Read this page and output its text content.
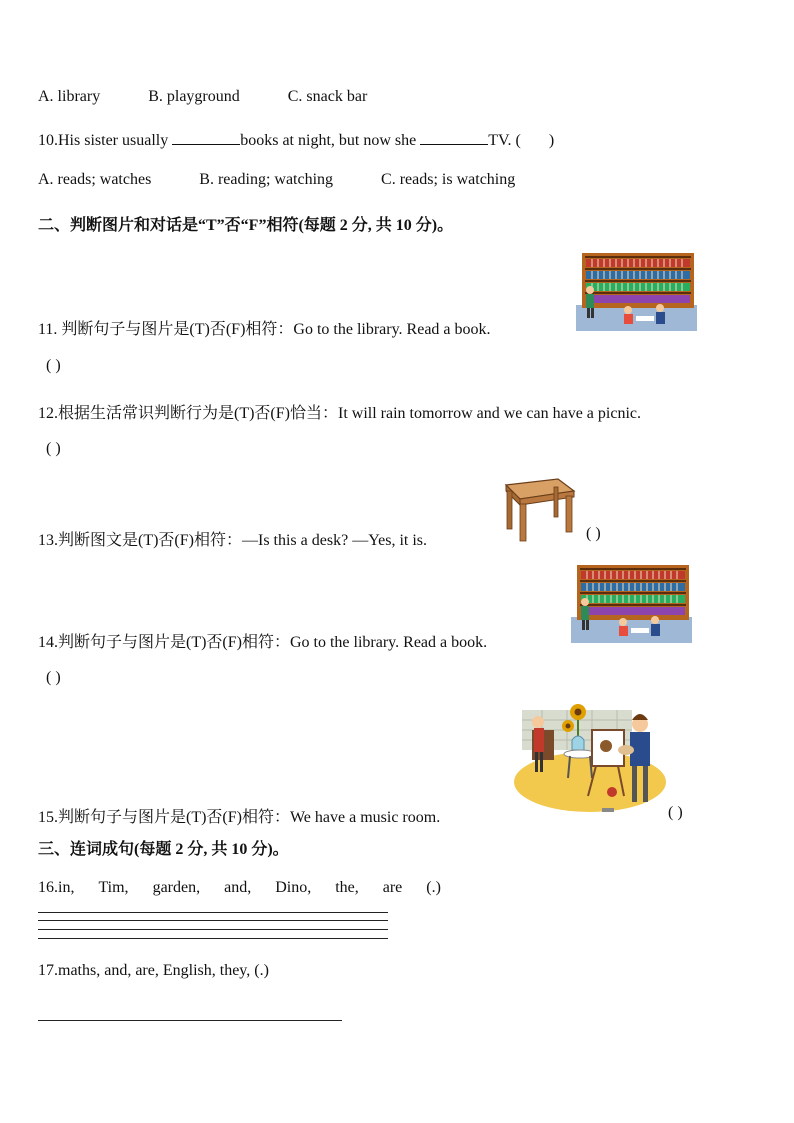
A. library	B. playground	C. snack bar
10.His sister usually	books at night, but now she	TV. ( )
A. reads; watches	B. reading; watching	C. reads; is watching
二、判断图片和对话是“T”否“F”相符(每题 2 分, 共 10 分)。
11. 判断句子与图片是(T)否(F)相符：Go to the library. Read a book.
( )
12.根据生活常识判断行为是(T)否(F)恰当：It will rain tomorrow and we can have a picnic.
( )
13.判断图文是(T)否(F)相符：—Is this a desk? —Yes, it is.	( )
14.判断句子与图片是(T)否(F)相符：Go to the library. Read a book.
( )
15.判断句子与图片是(T)否(F)相符：We have a music room.	( )
三、连词成句(每题 2 分, 共 10 分)。
16.in, Tim, garden, and, Dino, the, are (.)
17.maths, and, are, English, they, (.)
